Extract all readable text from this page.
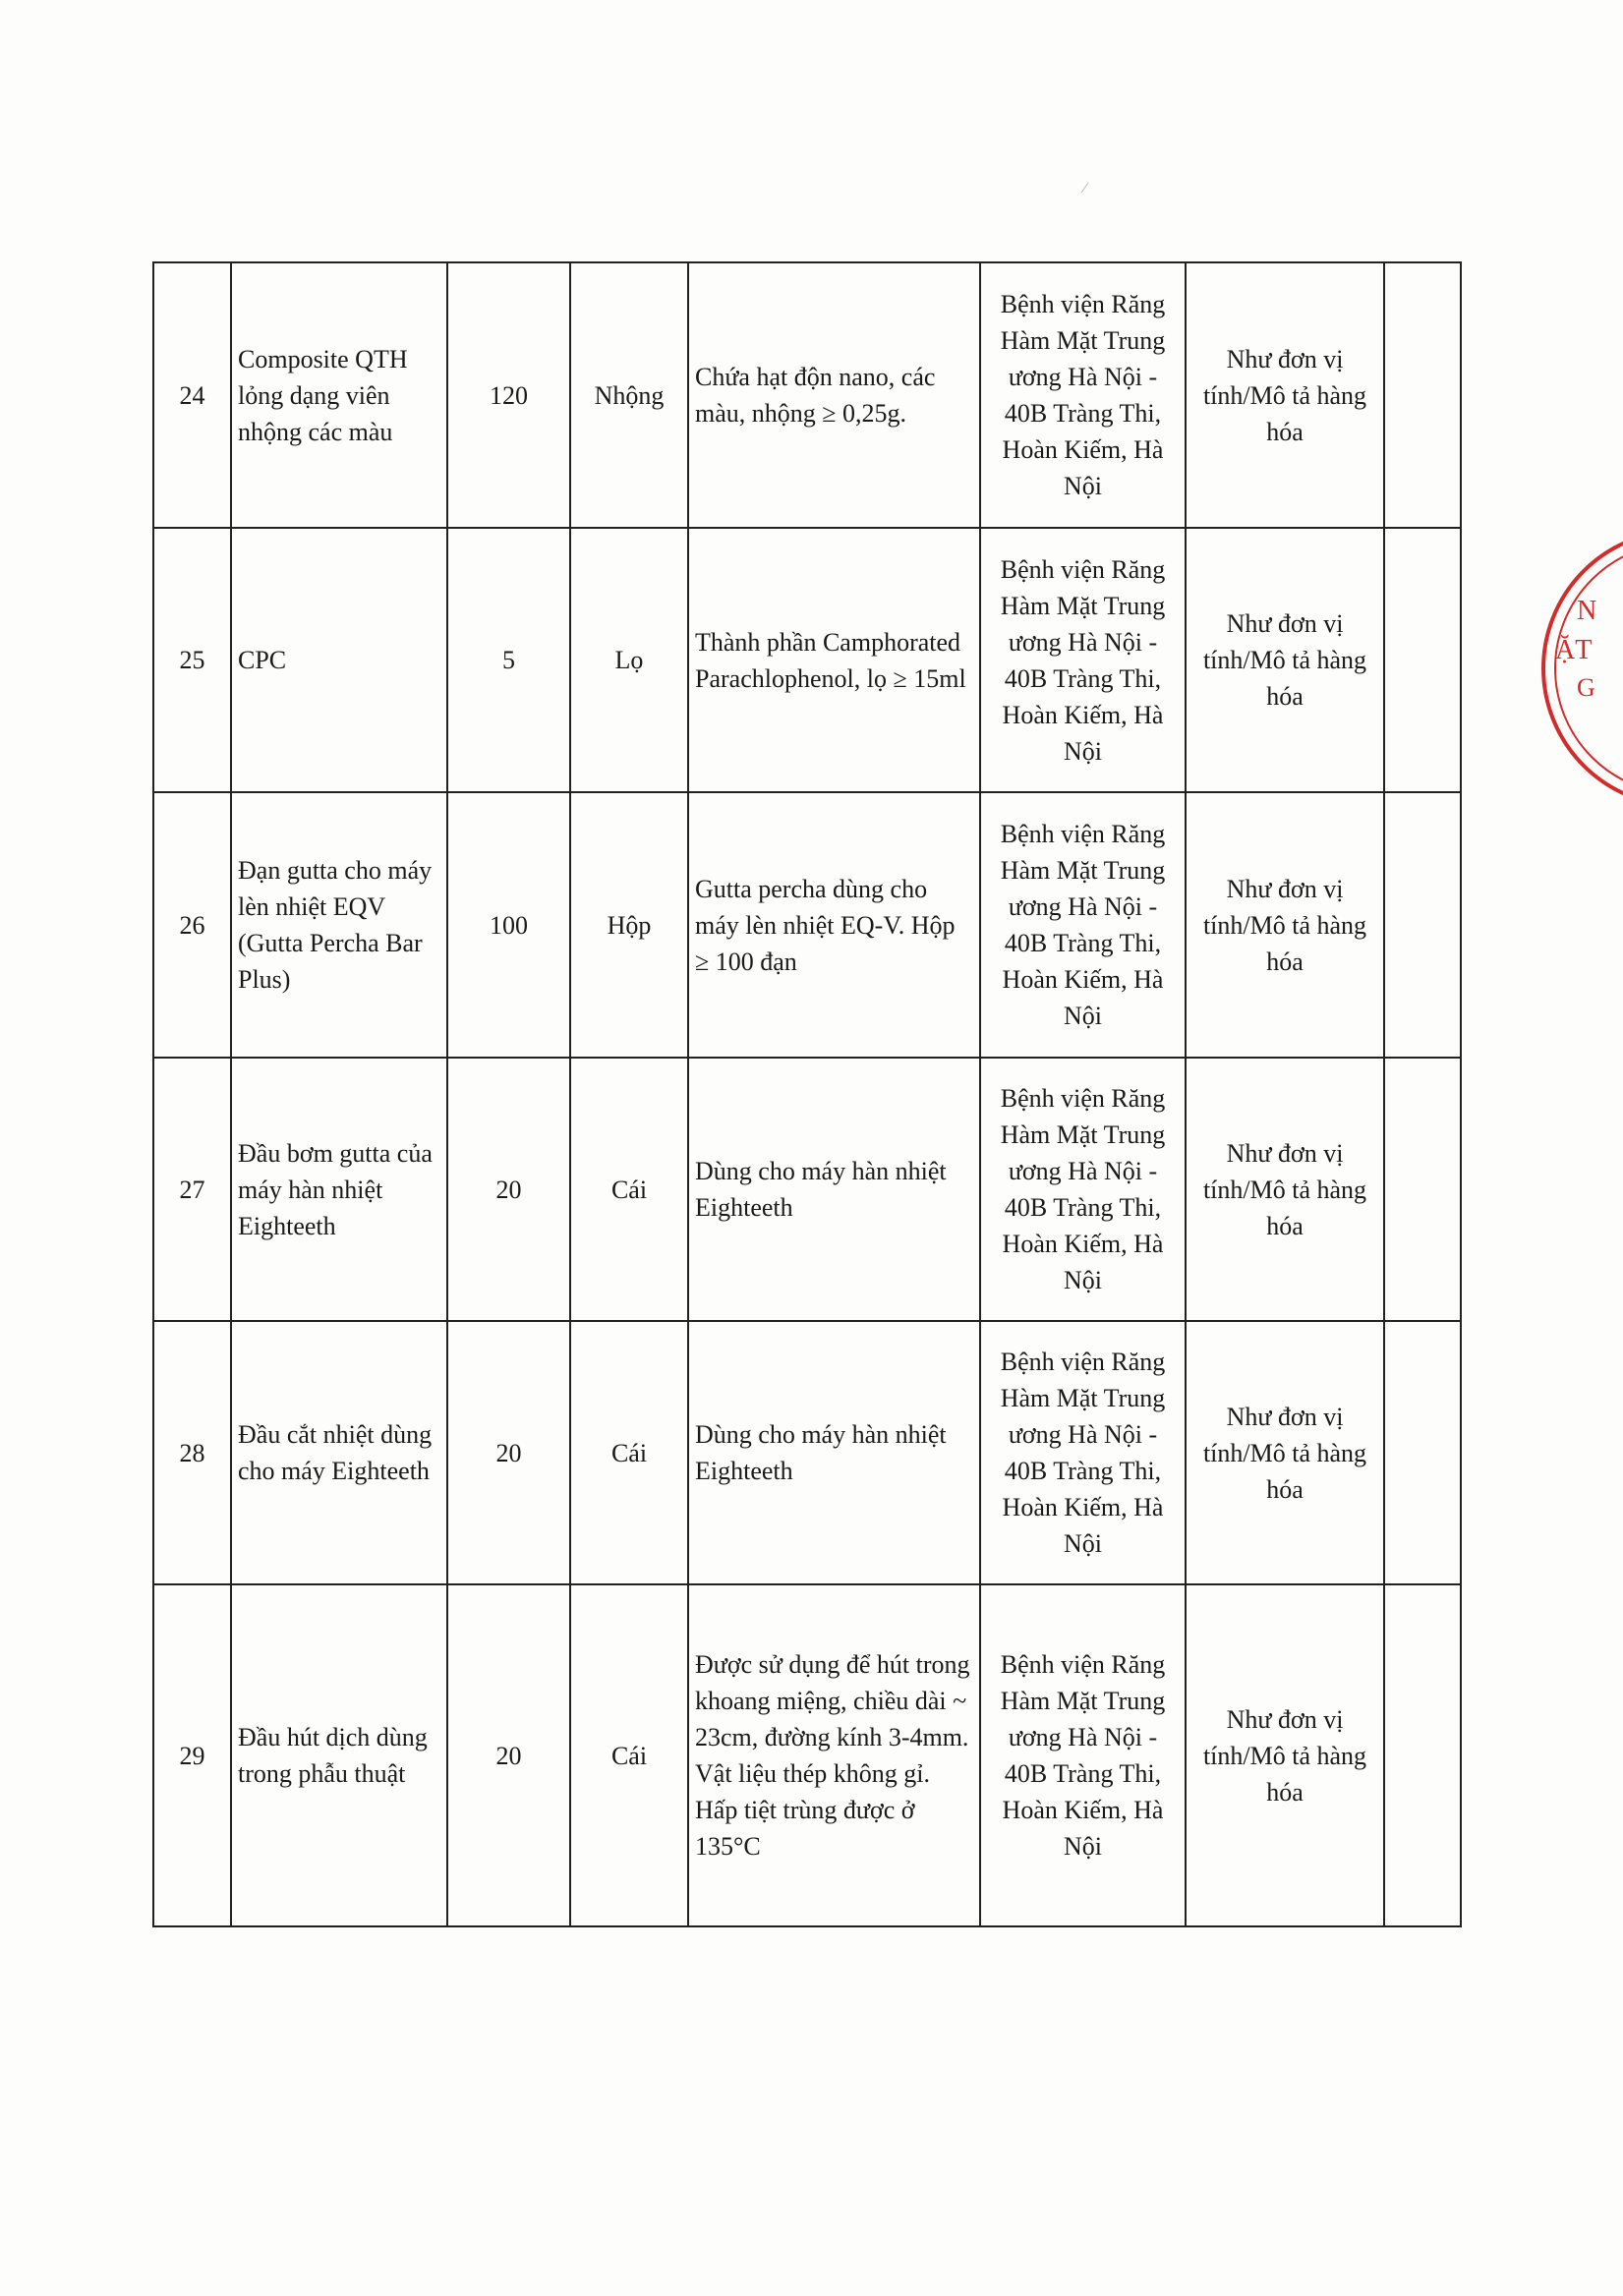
24	Composite QTH lỏng dạng viên nhộng các màu	120	Nhộng	Chứa hạt độn nano, các màu, nhộng ≥ 0,25g.	Bệnh viện Răng Hàm Mặt Trung ương Hà Nội - 40B Tràng Thi, Hoàn Kiếm, Hà Nội	Như đơn vị tính/Mô tả hàng hóa	
25	CPC	5	Lọ	Thành phần Camphorated Parachlophenol, lọ ≥ 15ml	Bệnh viện Răng Hàm Mặt Trung ương Hà Nội - 40B Tràng Thi, Hoàn Kiếm, Hà Nội	Như đơn vị tính/Mô tả hàng hóa	
26	Đạn gutta cho máy lèn nhiệt EQV (Gutta Percha Bar Plus)	100	Hộp	Gutta percha dùng cho máy lèn nhiệt EQ-V. Hộp ≥ 100 đạn	Bệnh viện Răng Hàm Mặt Trung ương Hà Nội - 40B Tràng Thi, Hoàn Kiếm, Hà Nội	Như đơn vị tính/Mô tả hàng hóa	
27	Đầu bơm gutta của máy hàn nhiệt Eighteeth	20	Cái	Dùng cho máy hàn nhiệt Eighteeth	Bệnh viện Răng Hàm Mặt Trung ương Hà Nội - 40B Tràng Thi, Hoàn Kiếm, Hà Nội	Như đơn vị tính/Mô tả hàng hóa	
28	Đầu cắt nhiệt dùng cho máy Eighteeth	20	Cái	Dùng cho máy hàn nhiệt Eighteeth	Bệnh viện Răng Hàm Mặt Trung ương Hà Nội - 40B Tràng Thi, Hoàn Kiếm, Hà Nội	Như đơn vị tính/Mô tả hàng hóa	
29	Đầu hút dịch dùng trong phẫu thuật	20	Cái	Được sử dụng để hút trong khoang miệng, chiều dài ~ 23cm, đường kính 3-4mm. Vật liệu thép không gỉ. Hấp tiệt trùng được ở 135°C	Bệnh viện Răng Hàm Mặt Trung ương Hà Nội - 40B Tràng Thi, Hoàn Kiếm, Hà Nội	Như đơn vị tính/Mô tả hàng hóa	
N
ẶT
G
